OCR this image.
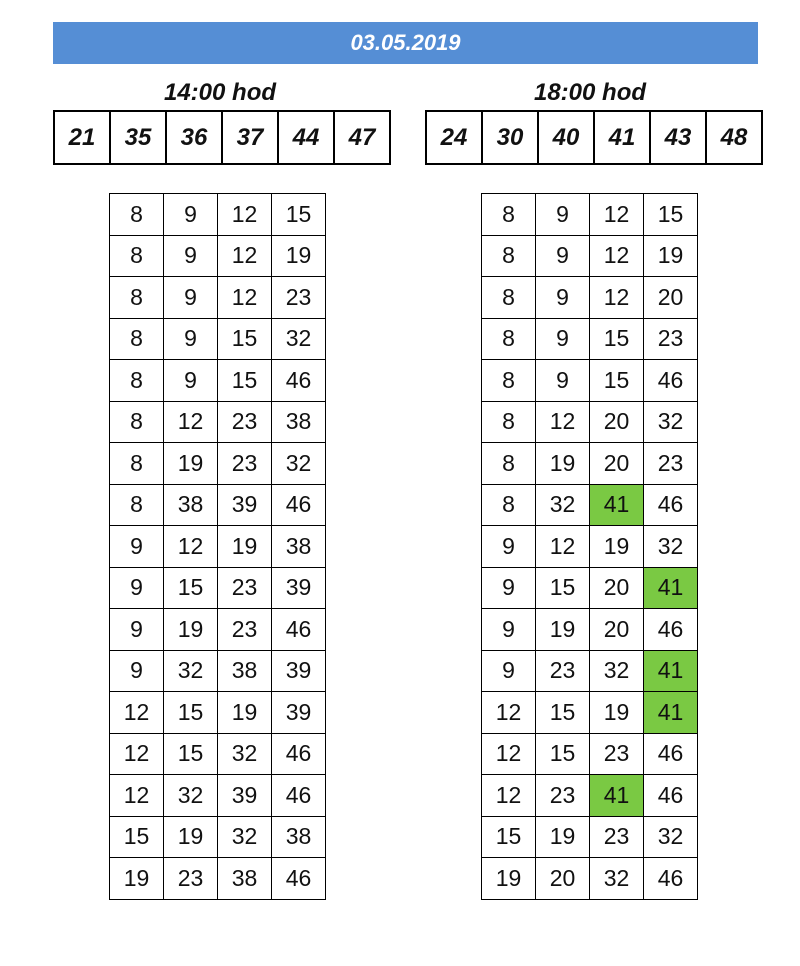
03.05.2019
14:00 hod	18:00 hod
21	35	36	37	44	47	24	30	40	41	43	48
8	9	12	15
8	9	12	19
8	9	12	23
8	9	15	32
8	9	15	46
8	12	23	38
8	19	23	32
8	38	39	46
9	12	19	38
9	15	23	39
9	19	23	46
9	32	38	39
12	15	19	39
12	15	32	46
12	32	39	46
15	19	32	38
19	23	38	46
8	9	12	15
8	9	12	19
8	9	12	20
8	9	15	23
8	9	15	46
8	12	20	32
8	19	20	23
8	32	41	46
9	12	19	32
9	15	20	41
9	19	20	46
9	23	32	41
12	15	19	41
12	15	23	46
12	23	41	46
15	19	23	32
19	20	32	46
